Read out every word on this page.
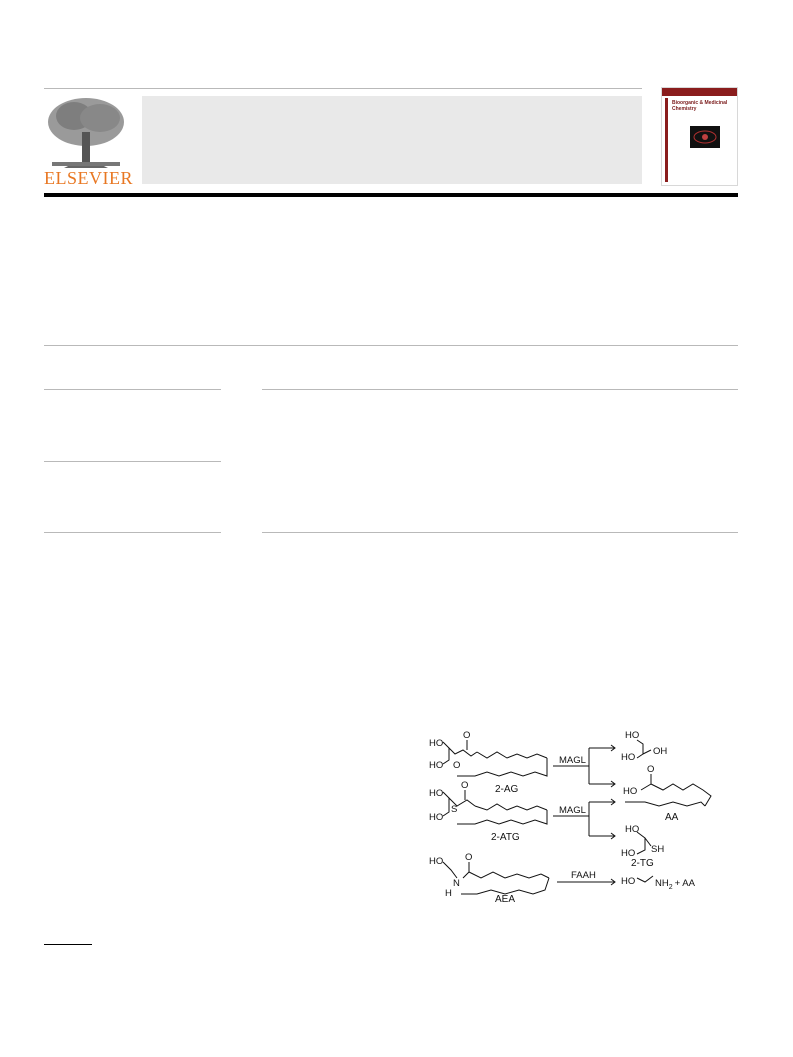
ELSEVIER
Bioorganic & Medicinal Chemistry
HO
HO O
O
2-AG
MAGL
HO
HO
OH
O
HO
AA
HO
HO
S
O
2-ATG
MAGL
HO
HO SH
2-TG
HO
N
H
O
AEA
FAAH
HO $NH_2$ + AA
